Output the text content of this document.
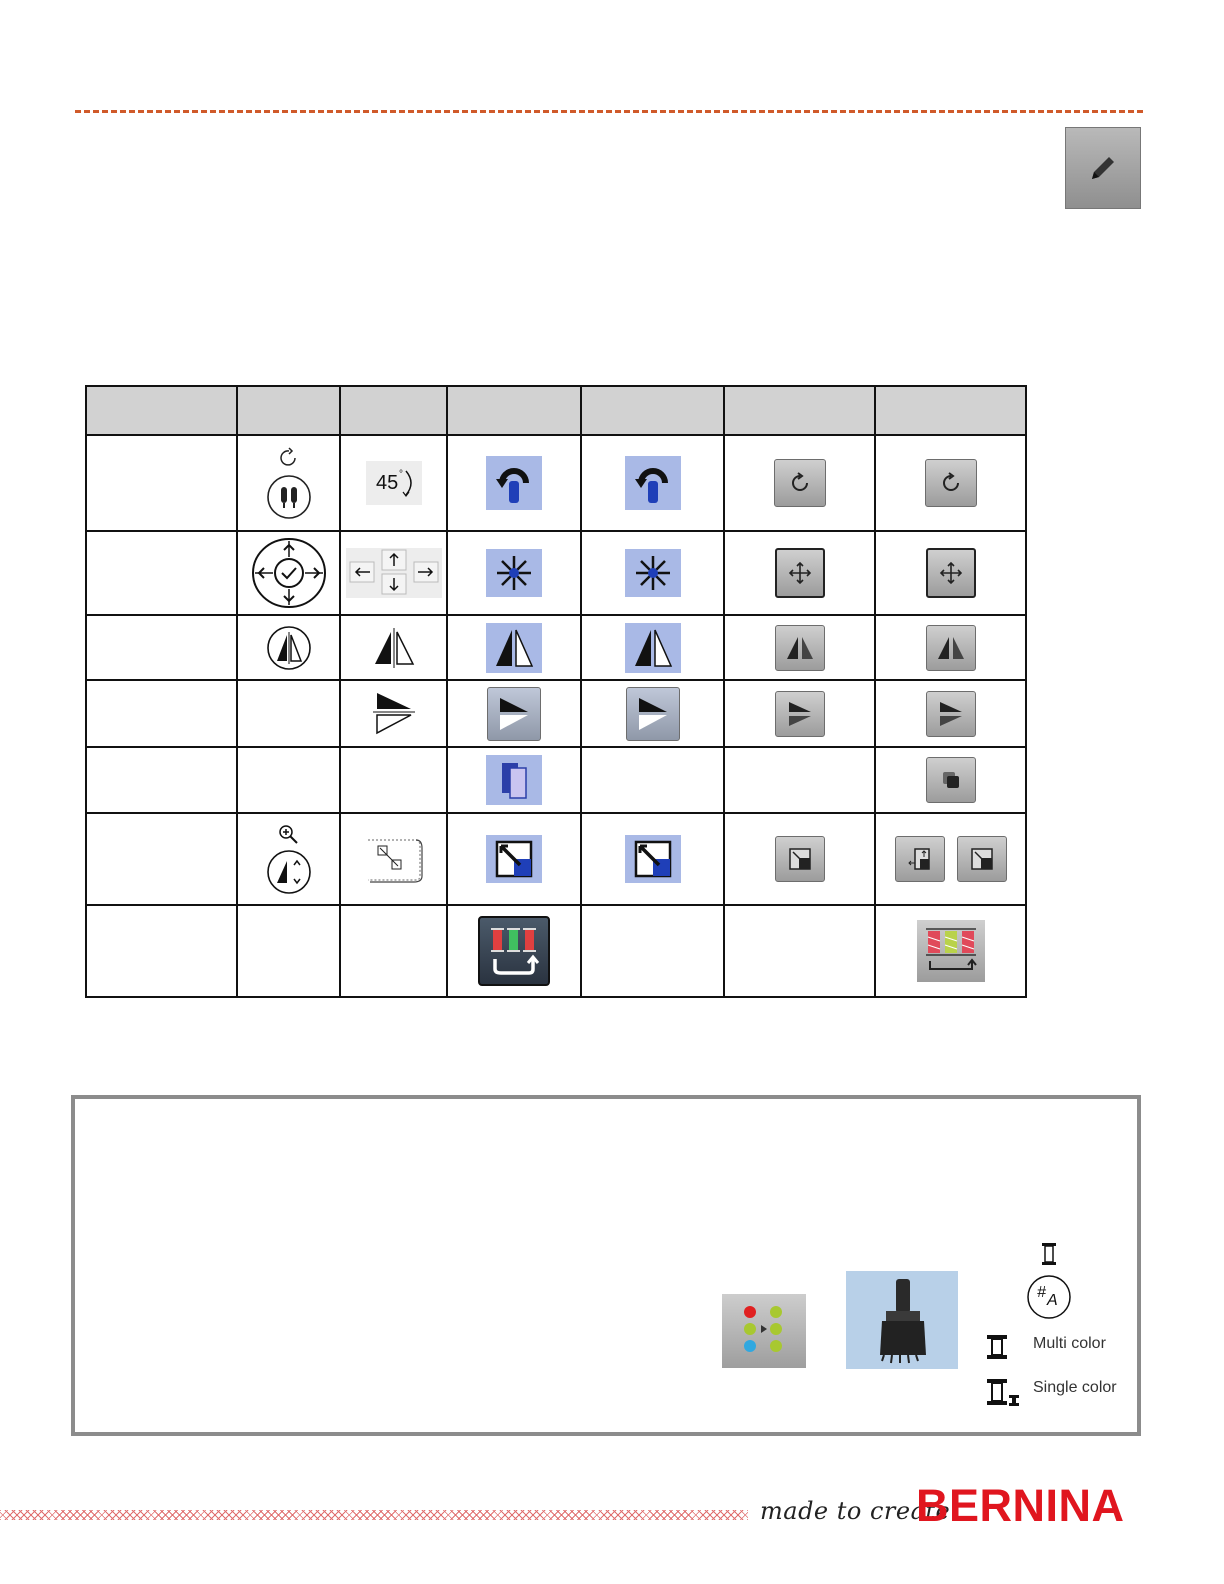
45 °

# A
Multi color
Single color
made to create
BERNINA
